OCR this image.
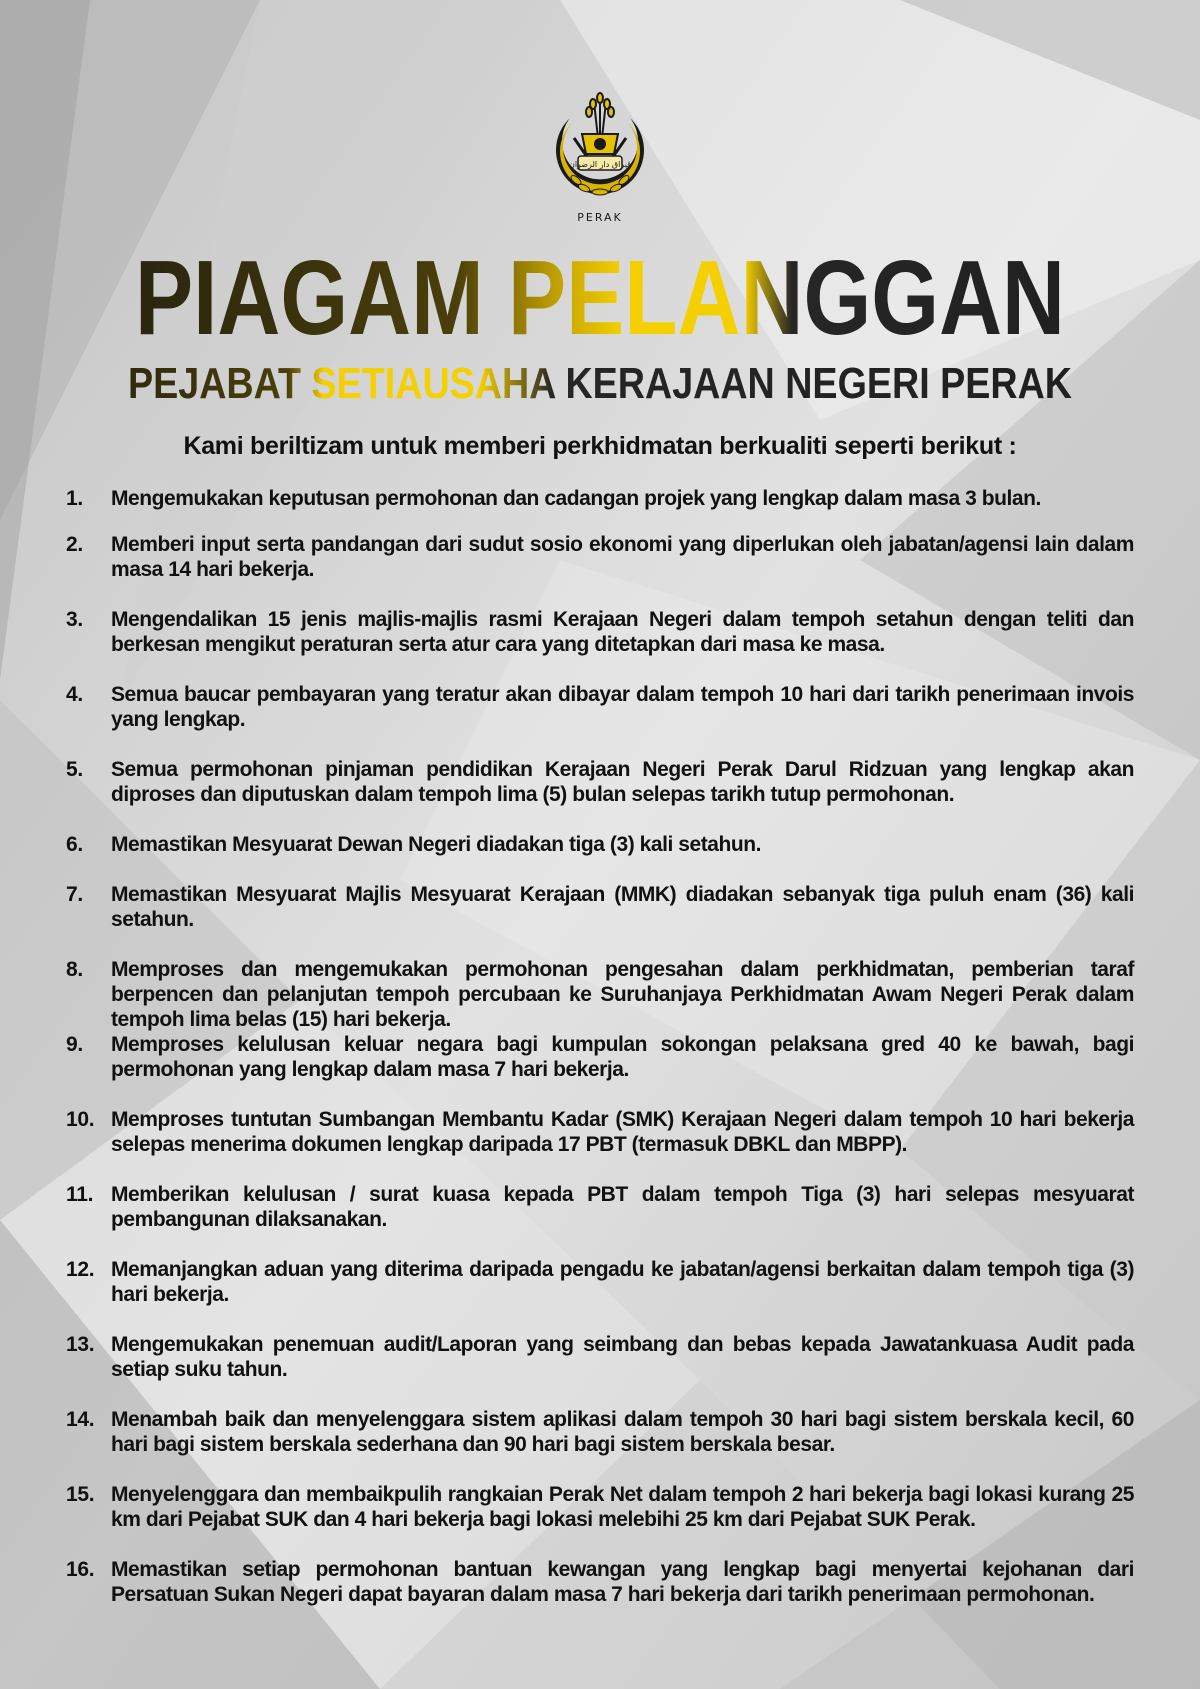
ڤيراق دار الرضوان
PERAK
PIAGAM PELANGGAN
PEJABAT SETIAUSAHA KERAJAAN NEGERI PERAK
Kami beriltizam untuk memberi perkhidmatan berkualiti seperti berikut :
1.	Mengemukakan keputusan permohonan dan cadangan projek yang lengkap dalam masa 3 bulan.
2.	Memberi input serta pandangan dari sudut sosio ekonomi yang diperlukan oleh jabatan/agensi lain dalam masa 14 hari bekerja.
3.	Mengendalikan 15 jenis majlis-majlis rasmi Kerajaan Negeri dalam tempoh setahun dengan teliti dan berkesan mengikut peraturan serta atur cara yang ditetapkan dari masa ke masa.
4.	Semua baucar pembayaran yang teratur akan dibayar dalam tempoh 10 hari dari tarikh penerimaan invois yang lengkap.
5.	Semua permohonan pinjaman pendidikan Kerajaan Negeri Perak Darul Ridzuan yang lengkap akan diproses dan diputuskan dalam tempoh lima (5) bulan selepas tarikh tutup permohonan.
6.	Memastikan Mesyuarat Dewan Negeri diadakan tiga (3) kali setahun.
7.	Memastikan Mesyuarat Majlis Mesyuarat Kerajaan (MMK) diadakan sebanyak tiga puluh enam (36) kali setahun.
8.	Memproses dan mengemukakan permohonan pengesahan dalam perkhidmatan, pemberian taraf berpencen dan pelanjutan tempoh percubaan ke Suruhanjaya Perkhidmatan Awam Negeri Perak dalam tempoh lima belas (15) hari bekerja.
9.	Memproses kelulusan keluar negara bagi kumpulan sokongan pelaksana gred 40 ke bawah, bagi permohonan yang lengkap dalam masa 7 hari bekerja.
10. Memproses tuntutan Sumbangan Membantu Kadar (SMK) Kerajaan Negeri dalam tempoh 10 hari bekerja selepas menerima dokumen lengkap daripada 17 PBT (termasuk DBKL dan MBPP).
11. Memberikan kelulusan / surat kuasa kepada PBT dalam tempoh Tiga (3) hari selepas mesyuarat pembangunan dilaksanakan.
12. Memanjangkan aduan yang diterima daripada pengadu ke jabatan/agensi berkaitan dalam tempoh tiga (3) hari bekerja.
13. Mengemukakan penemuan audit/Laporan yang seimbang dan bebas kepada Jawatankuasa Audit pada setiap suku tahun.
14. Menambah baik dan menyelenggara sistem aplikasi dalam tempoh 30 hari bagi sistem berskala kecil, 60 hari bagi sistem berskala sederhana dan 90 hari bagi sistem berskala besar.
15. Menyelenggara dan membaikpulih rangkaian Perak Net dalam tempoh 2 hari bekerja bagi lokasi kurang 25 km dari Pejabat SUK dan 4 hari bekerja bagi lokasi melebihi 25 km dari Pejabat SUK Perak.
16. Memastikan setiap permohonan bantuan kewangan yang lengkap bagi menyertai kejohanan dari Persatuan Sukan Negeri dapat bayaran dalam masa 7 hari bekerja dari tarikh penerimaan permohonan.
